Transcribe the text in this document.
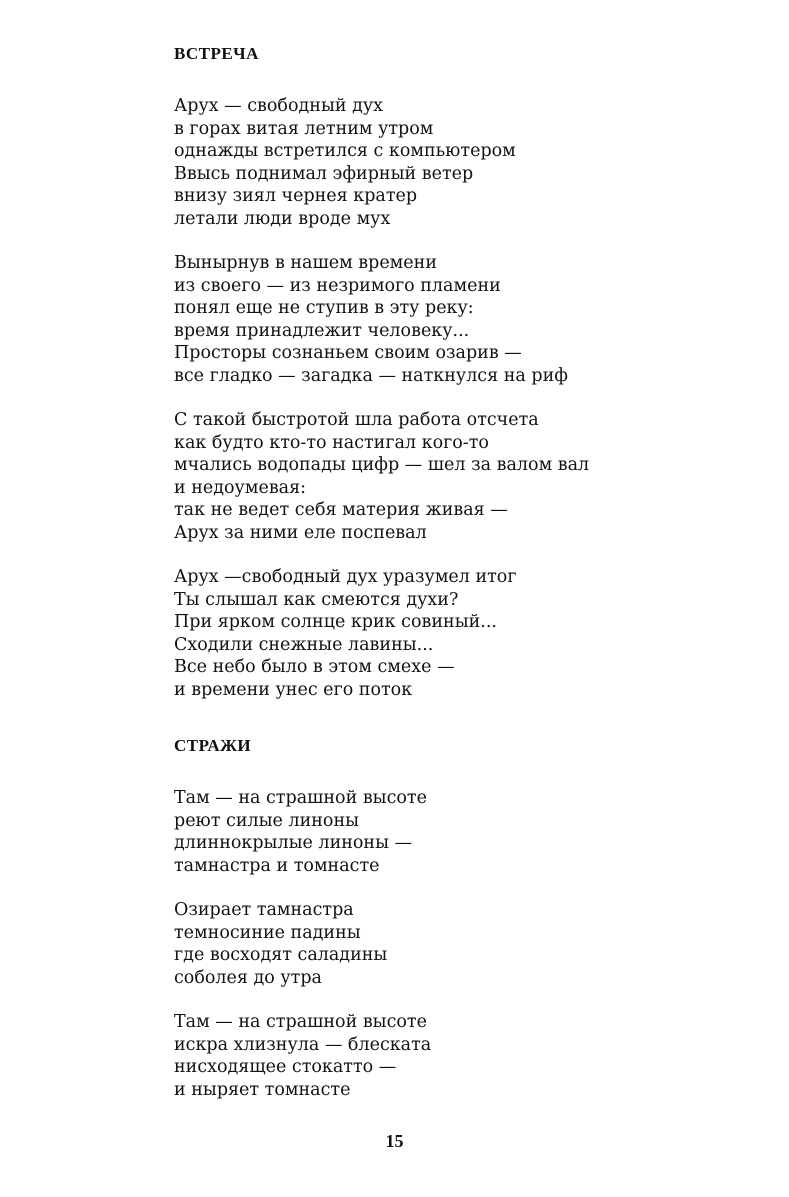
ВСТРЕЧА
Арух — свободный дух
в горах витая летним утром
однажды встретился с компьютером
Ввысь поднимал эфирный ветер
внизу зиял чернея кратер
летали люди вроде мух
Вынырнув в нашем времени
из своего — из незримого пламени
понял еще не ступив в эту реку:
время принадлежит человеку...
Просторы сознаньем своим озарив —
все гладко — загадка — наткнулся на риф
С такой быстротой шла работа отсчета
как будто кто-то настигал кого-то
мчались водопады цифр — шел за валом вал
и недоумевая:
так не ведет себя материя живая —
Арух за ними еле поспевал
Арух —свободный дух уразумел итог
Ты слышал как смеются духи?
При ярком солнце крик совиный...
Сходили снежные лавины...
Все небо было в этом смехе —
и времени унес его поток
СТРАЖИ
Там — на страшной высоте
реют силые линоны
длиннокрылые линоны —
тамнастра и томнасте
Озирает тамнастра
темносиние падины
где восходят саладины
соболея до утра
Там — на страшной высоте
искра хлизнула — блескатa
нисходящее стокатто —
и ныряет томнасте
15
